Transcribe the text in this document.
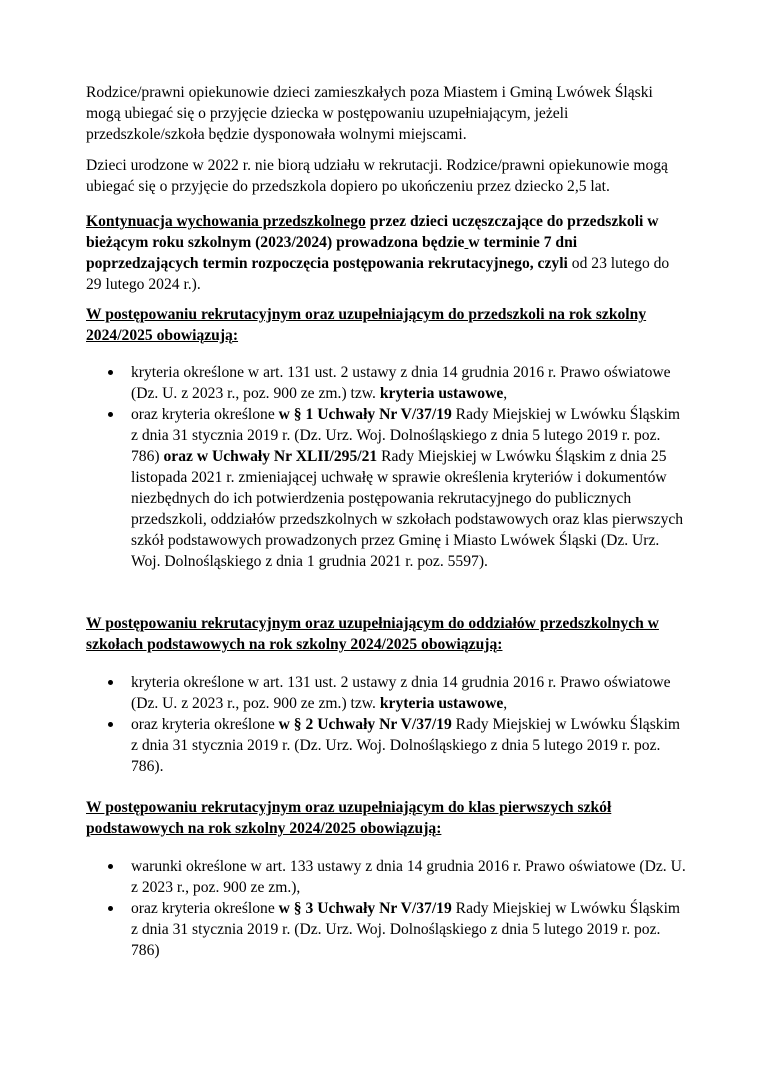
Rodzice/prawni opiekunowie dzieci zamieszkałych poza Miastem i Gminą Lwówek Śląski mogą ubiegać się o przyjęcie dziecka w postępowaniu uzupełniającym, jeżeli przedszkole/szkoła będzie dysponowała wolnymi miejscami.

Dzieci urodzone w 2022 r. nie biorą udziału w rekrutacji. Rodzice/prawni opiekunowie mogą ubiegać się o przyjęcie do przedszkola dopiero po ukończeniu przez dziecko 2,5 lat.

Kontynuacja wychowania przedszkolnego przez dzieci uczęszczające do przedszkoli w bieżącym roku szkolnym (2023/2024) prowadzona będzie w terminie 7 dni poprzedzających termin rozpoczęcia postępowania rekrutacyjnego, czyli od 23 lutego do 29 lutego 2024 r.).

W postępowaniu rekrutacyjnym oraz uzupełniającym do przedszkoli na rok szkolny 2024/2025 obowiązują:

kryteria określone w art. 131 ust. 2 ustawy z dnia 14 grudnia 2016 r. Prawo oświatowe (Dz. U. z 2023 r., poz. 900 ze zm.) tzw. kryteria ustawowe,
oraz kryteria określone w § 1 Uchwały Nr V/37/19 Rady Miejskiej w Lwówku Śląskim z dnia 31 stycznia 2019 r. (Dz. Urz. Woj. Dolnośląskiego z dnia 5 lutego 2019 r. poz. 786) oraz w Uchwały Nr XLII/295/21 Rady Miejskiej w Lwówku Śląskim z dnia 25 listopada 2021 r. zmieniającej uchwałę w sprawie określenia kryteriów i dokumentów niezbędnych do ich potwierdzenia postępowania rekrutacyjnego do publicznych przedszkoli, oddziałów przedszkolnych w szkołach podstawowych oraz klas pierwszych szkół podstawowych prowadzonych przez Gminę i Miasto Lwówek Śląski (Dz. Urz. Woj. Dolnośląskiego z dnia 1 grudnia 2021 r. poz. 5597).

W postępowaniu rekrutacyjnym oraz uzupełniającym do oddziałów przedszkolnych w szkołach podstawowych na rok szkolny 2024/2025 obowiązują:

kryteria określone w art. 131 ust. 2 ustawy z dnia 14 grudnia 2016 r. Prawo oświatowe (Dz. U. z 2023 r., poz. 900 ze zm.) tzw. kryteria ustawowe,
oraz kryteria określone w § 2 Uchwały Nr V/37/19 Rady Miejskiej w Lwówku Śląskim z dnia 31 stycznia 2019 r. (Dz. Urz. Woj. Dolnośląskiego z dnia 5 lutego 2019 r. poz. 786).

W postępowaniu rekrutacyjnym oraz uzupełniającym do klas pierwszych szkół podstawowych na rok szkolny 2024/2025 obowiązują:

warunki określone w art. 133 ustawy z dnia 14 grudnia 2016 r. Prawo oświatowe (Dz. U. z 2023 r., poz. 900 ze zm.),
oraz kryteria określone w § 3 Uchwały Nr V/37/19 Rady Miejskiej w Lwówku Śląskim z dnia 31 stycznia 2019 r. (Dz. Urz. Woj. Dolnośląskiego z dnia 5 lutego 2019 r. poz. 786)
